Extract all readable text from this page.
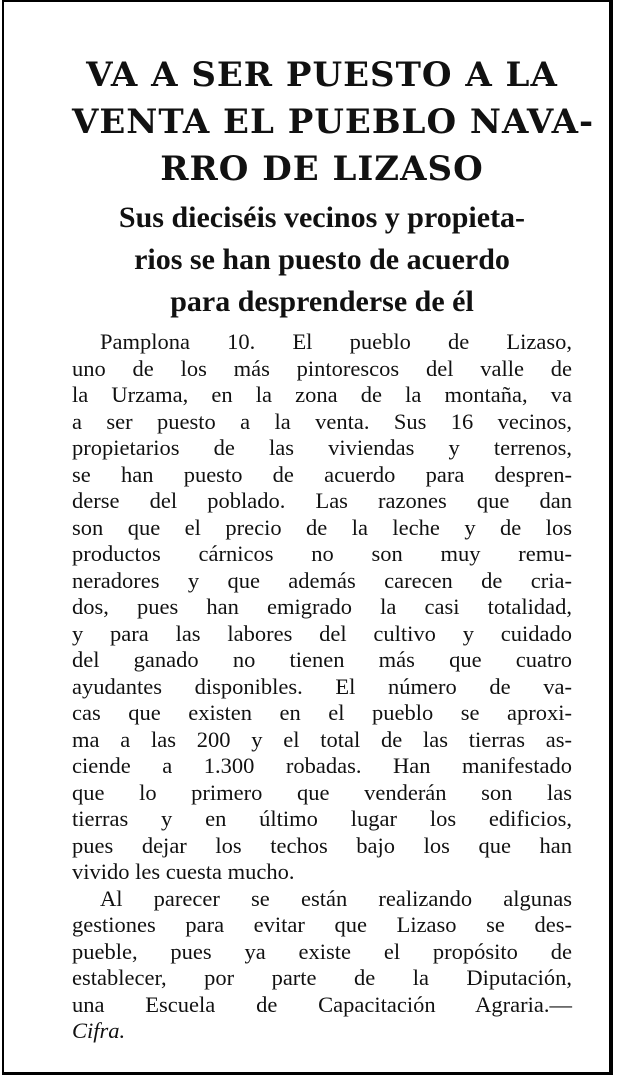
VA A SER PUESTO A LA
VENTA EL PUEBLO NAVA-
RRO DE LIZASO
Sus dieciséis vecinos y propieta-
rios se han puesto de acuerdo
para desprenderse de él
Pamplona 10. El pueblo de Lizaso,
uno de los más pintorescos del valle de
la Urzama, en la zona de la montaña, va
a ser puesto a la venta. Sus 16 vecinos,
propietarios de las viviendas y terrenos,
se han puesto de acuerdo para despren-
derse del poblado. Las razones que dan
son que el precio de la leche y de los
productos cárnicos no son muy remu-
neradores y que además carecen de cria-
dos, pues han emigrado la casi totalidad,
y para las labores del cultivo y cuidado
del ganado no tienen más que cuatro
ayudantes disponibles. El número de va-
cas que existen en el pueblo se aproxi-
ma a las 200 y el total de las tierras as-
ciende a 1.300 robadas. Han manifestado
que lo primero que venderán son las
tierras y en último lugar los edificios,
pues dejar los techos bajo los que han
vivido les cuesta mucho.
Al parecer se están realizando algunas
gestiones para evitar que Lizaso se des-
pueble, pues ya existe el propósito de
establecer, por parte de la Diputación,
una Escuela de Capacitación Agraria.—
Cifra.
